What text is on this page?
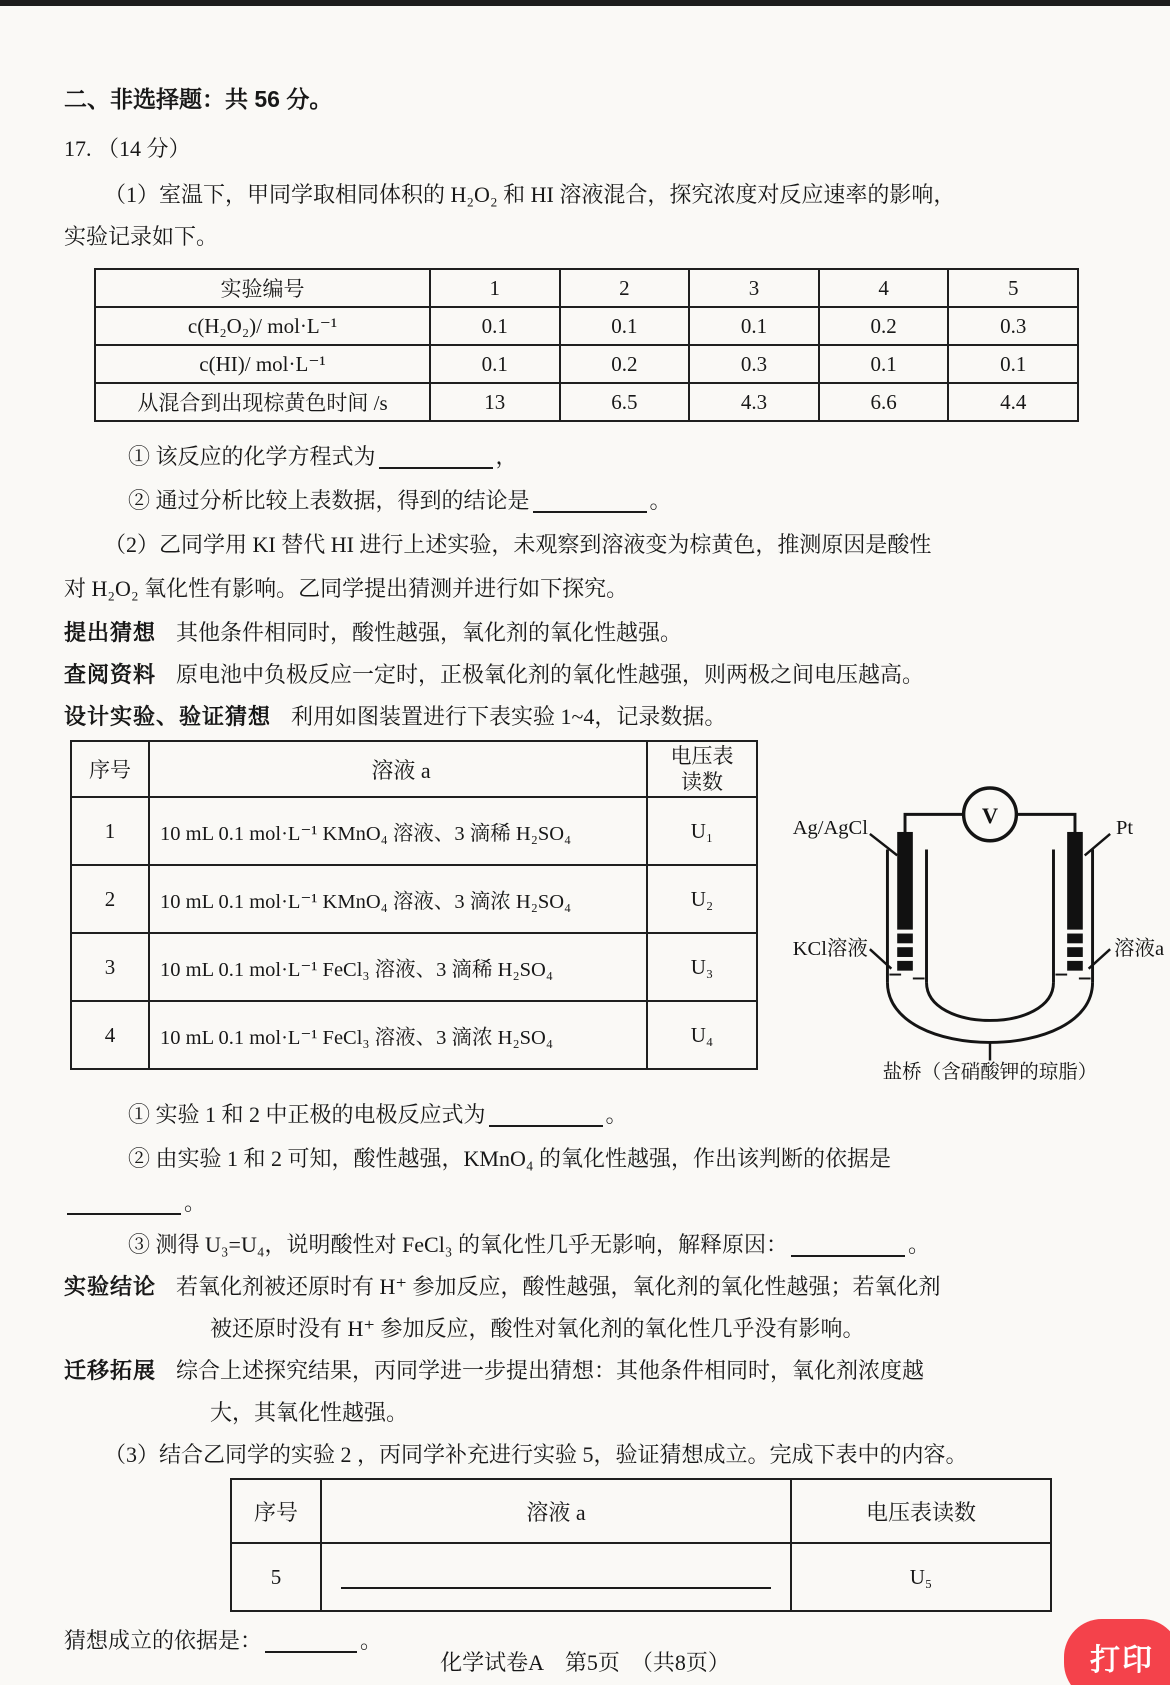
二、非选择题：共 56 分。
17. （14 分）
（1）室温下，甲同学取相同体积的 H₂O₂ 和 HI 溶液混合，探究浓度对反应速率的影响，
实验记录如下。
实验编号	1	2	3	4	5
c(H₂O₂)/ mol·L⁻¹	0.1	0.1	0.1	0.2	0.3
c(HI)/ mol·L⁻¹	0.1	0.2	0.3	0.1	0.1
从混合到出现棕黄色时间 /s	13	6.5	4.3	6.6	4.4
① 该反应的化学方程式为	，
② 通过分析比较上表数据，得到的结论是	。
（2）乙同学用 KI 替代 HI 进行上述实验，未观察到溶液变为棕黄色，推测原因是酸性
对 H₂O₂ 氧化性有影响。乙同学提出猜测并进行如下探究。
提出猜想 其他条件相同时，酸性越强，氧化剂的氧化性越强。
查阅资料 原电池中负极反应一定时，正极氧化剂的氧化性越强，则两极之间电压越高。
设计实验、验证猜想 利用如图装置进行下表实验 1~4，记录数据。
序号	溶液 a	电压表
读数

1	10 mL 0.1 mol·L⁻¹ KMnO₄ 溶液、3 滴稀 H₂SO₄	U₁
2	10 mL 0.1 mol·L⁻¹ KMnO₄ 溶液、3 滴浓 H₂SO₄	U₂
3	10 mL 0.1 mol·L⁻¹ FeCl₃ 溶液、3 滴稀 H₂SO₄	U₃
4	10 mL 0.1 mol·L⁻¹ FeCl₃ 溶液、3 滴浓 H₂SO₄	U₄
V
Ag/AgCl	Pt
KCl溶液	溶液a
盐桥（含硝酸钾的琼脂）
① 实验 1 和 2 中正极的电极反应式为	。
② 由实验 1 和 2 可知，酸性越强，KMnO₄ 的氧化性越强，作出该判断的依据是
。
③ 测得 U₃=U₄，说明酸性对 FeCl₃ 的氧化性几乎无影响，解释原因：	。
实验结论 若氧化剂被还原时有 H⁺ 参加反应，酸性越强，氧化剂的氧化性越强；若氧化剂
被还原时没有 H⁺ 参加反应，酸性对氧化剂的氧化性几乎没有影响。
迁移拓展 综合上述探究结果，丙同学进一步提出猜想：其他条件相同时，氧化剂浓度越
大，其氧化性越强。
（3）结合乙同学的实验 2 ，丙同学补充进行实验 5，验证猜想成立。完成下表中的内容。
序号	溶液 a	电压表读数
5		U₅
猜想成立的依据是：	。
化学试卷A　第5页　（共8页）	打印
